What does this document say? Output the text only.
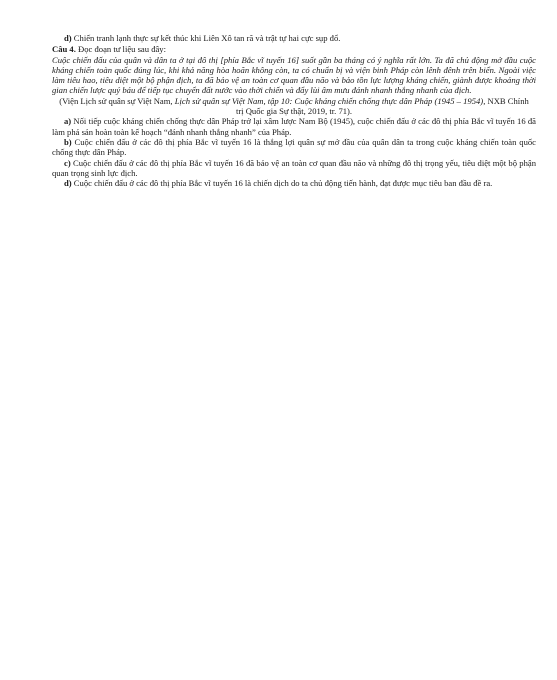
d) Chiến tranh lạnh thực sự kết thúc khi Liên Xô tan rã và trật tự hai cực sụp đổ.

Câu 4. Đọc đoạn tư liệu sau đây:

Cuộc chiến đấu của quân và dân ta ở tại đô thị [phía Bắc vĩ tuyến 16] suốt gần ba tháng có ý nghĩa rất lớn. Ta đã chủ động mở đầu cuộc kháng chiến toàn quốc đúng lúc, khi khả năng hòa hoãn không còn, ta có chuẩn bị và viện binh Pháp còn lênh đênh trên biển. Ngoài việc làm tiêu hao, tiêu diệt một bộ phận địch, ta đã bảo vệ an toàn cơ quan đầu não và bảo tồn lực lượng kháng chiến, giành được khoảng thời gian chiến lược quý báu để tiếp tục chuyển đất nước vào thời chiến và đẩy lùi âm mưu đánh nhanh thắng nhanh của địch.

(Viện Lịch sử quân sự Việt Nam, Lịch sử quân sự Việt Nam, tập 10: Cuộc kháng chiến chống thực dân Pháp (1945 – 1954), NXB Chính trị Quốc gia Sự thật, 2019, tr. 71).

a) Nối tiếp cuộc kháng chiến chống thực dân Pháp trở lại xâm lược Nam Bộ (1945), cuộc chiến đấu ở các đô thị phía Bắc vĩ tuyến 16 đã làm phá sản hoàn toàn kế hoạch “đánh nhanh thắng nhanh” của Pháp.

b) Cuộc chiến đấu ở các đô thị phía Bắc vĩ tuyến 16 là thắng lợi quân sự mở đầu của quân dân ta trong cuộc kháng chiến toàn quốc chống thực dân Pháp.

c) Cuộc chiến đấu ở các đô thị phía Bắc vĩ tuyến 16 đã bảo vệ an toàn cơ quan đầu não và những đô thị trọng yếu, tiêu diệt một bộ phận quan trọng sinh lực địch.

d) Cuộc chiến đấu ở các đô thị phía Bắc vĩ tuyến 16 là chiến dịch do ta chủ động tiến hành, đạt được mục tiêu ban đầu đề ra.
